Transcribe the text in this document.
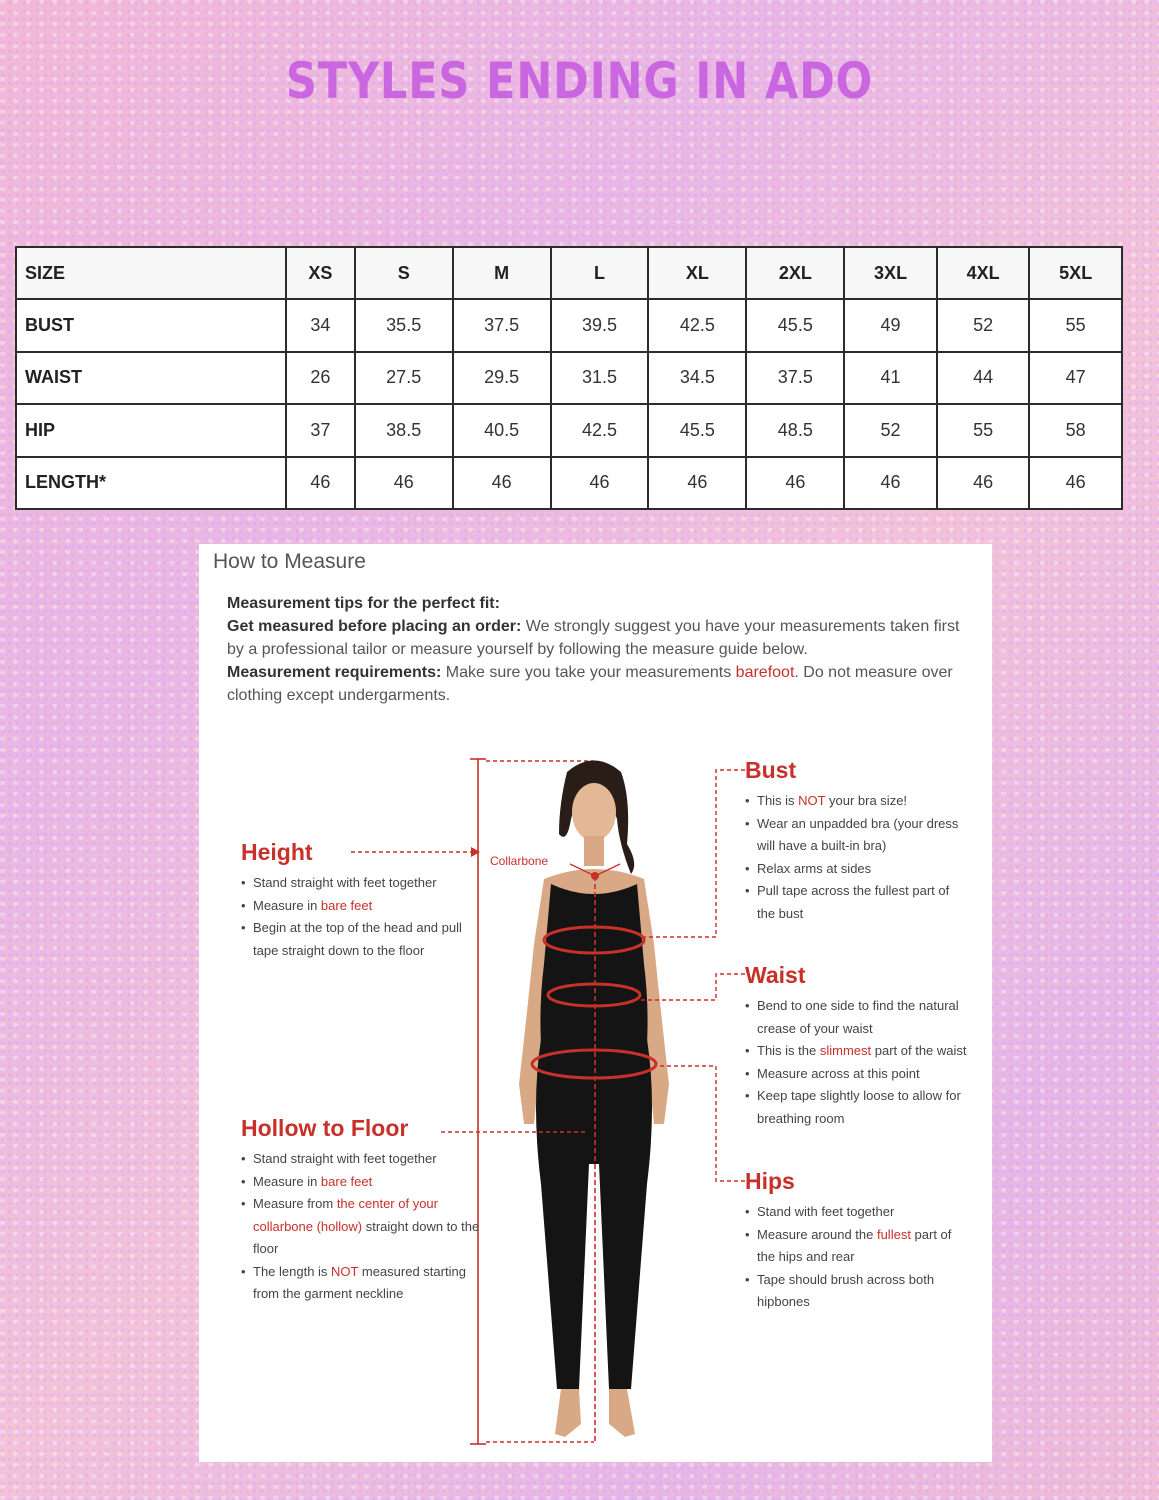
STYLES ENDING IN ADO
SIZE	XS	S	M	L	XL	2XL	3XL	4XL	5XL
BUST	34	35.5	37.5	39.5	42.5	45.5	49	52	55
WAIST	26	27.5	29.5	31.5	34.5	37.5	41	44	47
HIP	37	38.5	40.5	42.5	45.5	48.5	52	55	58
LENGTH*	46	46	46	46	46	46	46	46	46
How to Measure
Measurement tips for the perfect fit:
Get measured before placing an order: We strongly suggest you have your measurements taken first by a professional tailor or measure yourself by following the measure guide below.
Measurement requirements: Make sure you take your measurements barefoot. Do not measure over clothing except undergarments.
Collarbone
Height
• Stand straight with feet together
• Measure in bare feet
• Begin at the top of the head and pull tape straight down to the floor
Hollow to Floor
• Stand straight with feet together
• Measure in bare feet
• Measure from the center of your collarbone (hollow) straight down to the floor
• The length is NOT measured starting from the garment neckline
Bust
• This is NOT your bra size!
• Wear an unpadded bra (your dress will have a built-in bra)
• Relax arms at sides
• Pull tape across the fullest part of the bust
Waist
• Bend to one side to find the natural crease of your waist
• This is the slimmest part of the waist
• Measure across at this point
• Keep tape slightly loose to allow for breathing room
Hips
• Stand with feet together
• Measure around the fullest part of the hips and rear
• Tape should brush across both hipbones
